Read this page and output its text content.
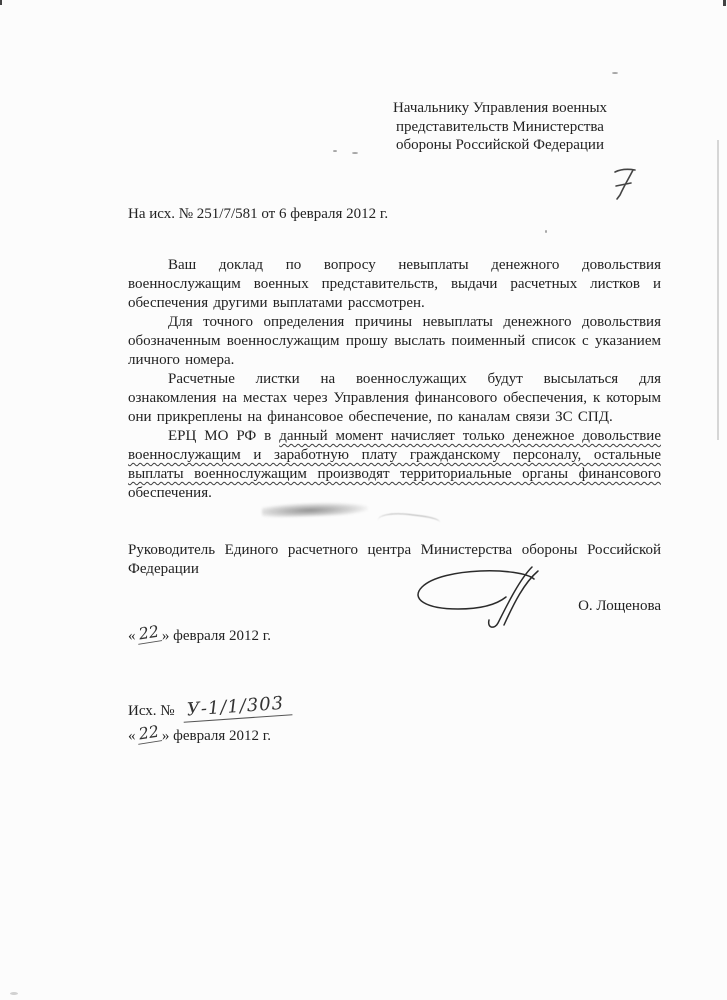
Начальнику Управления военных
представительств Министерства
обороны Российской Федерации
На исх. № 251/7/581 от 6 февраля 2012 г.

Ваш доклад по вопросу невыплаты денежного довольствия военнослужащим военных представительств, выдачи расчетных листков и обеспечения другими выплатами рассмотрен.

Для точного определения причины невыплаты денежного довольствия обозначенным военнослужащим прошу выслать поименный список с указанием личного номера.

Расчетные листки на военнослужащих будут высылаться для ознакомления на местах через Управления финансового обеспечения, к которым они прикреплены на финансовое обеспечение, по каналам связи ЗС СПД.

ЕРЦ МО РФ в данный момент начисляет только денежное довольствие военнослужащим и заработную плату гражданскому персоналу, остальные выплаты военнослужащим производят территориальные органы финансового обеспечения.

Руководитель Единого расчетного центра Министерства обороны Российской Федерации
О. Лощенова
«22 » февраля 2012 г.
Исх. № У-1/1/303
«22 » февраля 2012 г.
